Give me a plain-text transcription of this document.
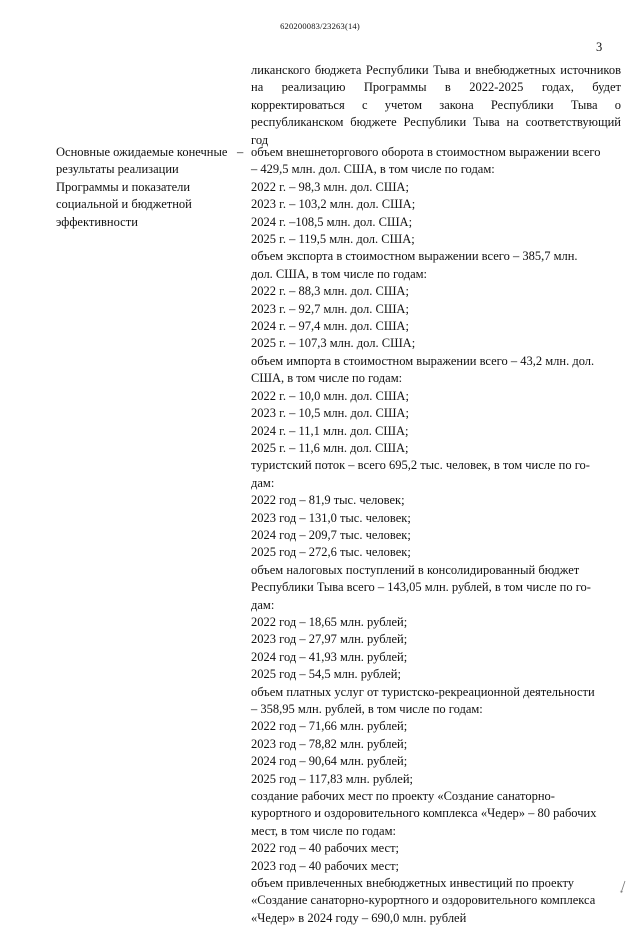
620200083/23263(14)
3
ликанского бюджета Республики Тыва и внебюджетных источников на реализацию Программы в 2022-2025 годах, будет корректироваться с учетом закона Республики Тыва о республиканском бюджете Республики Тыва на соответствующий год
Основные ожидаемые конечные результаты реализации Программы и показатели социальной и бюджетной эффективности
– объем внешнеторгового оборота в стоимостном выражении всего
– 429,5 млн. дол. США, в том числе по годам:
2022 г. – 98,3 млн. дол. США;
2023 г. – 103,2 млн. дол. США;
2024 г. –108,5 млн. дол. США;
2025 г. – 119,5 млн. дол. США;
объем экспорта в стоимостном выражении всего – 385,7 млн.
дол. США, в том числе по годам:
2022 г. – 88,3 млн. дол. США;
2023 г. – 92,7 млн. дол. США;
2024 г. – 97,4 млн. дол. США;
2025 г. – 107,3 млн. дол. США;
объем импорта в стоимостном выражении всего – 43,2 млн. дол.
США, в том числе по годам:
2022 г. – 10,0 млн. дол. США;
2023 г. – 10,5 млн. дол. США;
2024 г. – 11,1 млн. дол. США;
2025 г. – 11,6 млн. дол. США;
туристский поток – всего 695,2 тыс. человек, в том числе по го-
дам:
2022 год – 81,9 тыс. человек;
2023 год – 131,0 тыс. человек;
2024 год – 209,7 тыс. человек;
2025 год – 272,6 тыс. человек;
объем налоговых поступлений в консолидированный бюджет
Республики Тыва всего – 143,05 млн. рублей, в том числе по го-
дам:
2022 год – 18,65 млн. рублей;
2023 год – 27,97 млн. рублей;
2024 год – 41,93 млн. рублей;
2025 год – 54,5 млн. рублей;
объем платных услуг от туристско-рекреационной деятельности
– 358,95 млн. рублей, в том числе по годам:
2022 год – 71,66 млн. рублей;
2023 год – 78,82 млн. рублей;
2024 год – 90,64 млн. рублей;
2025 год – 117,83 млн. рублей;
создание рабочих мест по проекту «Создание санаторно-
курортного и оздоровительного комплекса «Чедер» – 80 рабочих
мест, в том числе по годам:
2022 год – 40 рабочих мест;
2023 год – 40 рабочих мест;
объем привлеченных внебюджетных инвестиций по проекту
«Создание санаторно-курортного и оздоровительного комплекса
«Чедер» в 2024 году – 690,0 млн. рублей
